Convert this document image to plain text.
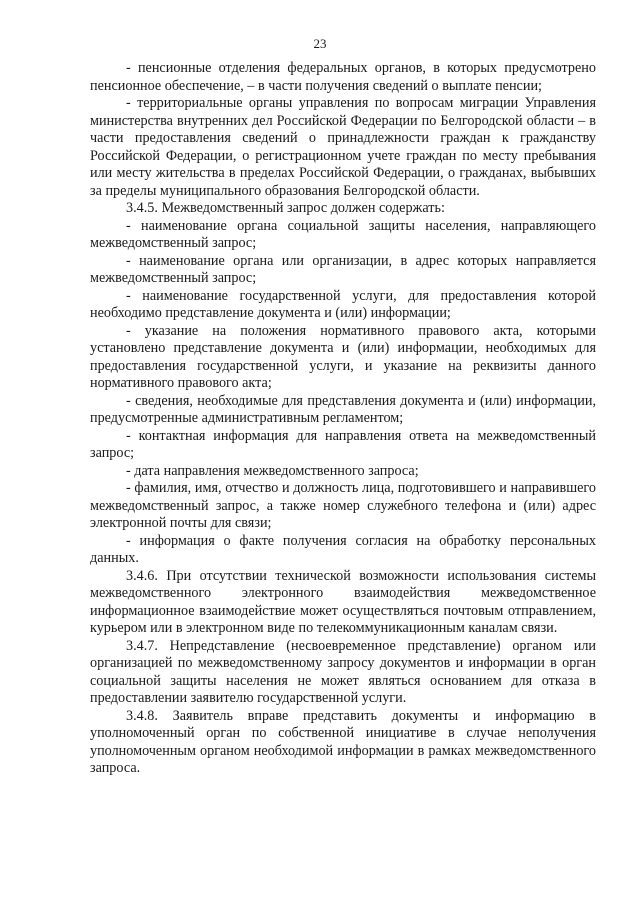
23

- пенсионные отделения федеральных органов, в которых предусмотрено пенсионное обеспечение, – в части получения сведений о выплате пенсии;

- территориальные органы управления по вопросам миграции Управления министерства внутренних дел Российской Федерации по Белгородской области – в части предоставления сведений о принадлежности граждан к гражданству Российской Федерации, о регистрационном учете граждан по месту пребывания или месту жительства в пределах Российской Федерации, о гражданах, выбывших за пределы муниципального образования Белгородской области.

3.4.5. Межведомственный запрос должен содержать:

- наименование органа социальной защиты населения, направляющего межведомственный запрос;

- наименование органа или организации, в адрес которых направляется межведомственный запрос;

- наименование государственной услуги, для предоставления которой необходимо представление документа и (или) информации;

- указание на положения нормативного правового акта, которыми установлено представление документа и (или) информации, необходимых для предоставления государственной услуги, и указание на реквизиты данного нормативного правового акта;

- сведения, необходимые для представления документа и (или) информации, предусмотренные административным регламентом;

- контактная информация для направления ответа на межведомственный запрос;

- дата направления межведомственного запроса;

- фамилия, имя, отчество и должность лица, подготовившего и направившего межведомственный запрос, а также номер служебного телефона и (или) адрес электронной почты для связи;

- информация о факте получения согласия на обработку персональных данных.

3.4.6. При отсутствии технической возможности использования системы межведомственного электронного взаимодействия межведомственное информационное взаимодействие может осуществляться почтовым отправлением, курьером или в электронном виде по телекоммуникационным каналам связи.

3.4.7. Непредставление (несвоевременное представление) органом или организацией по межведомственному запросу документов и информации в орган социальной защиты населения не может являться основанием для отказа в предоставлении заявителю государственной услуги.

3.4.8. Заявитель вправе представить документы и информацию в уполномоченный орган по собственной инициативе в случае неполучения уполномоченным органом необходимой информации в рамках межведомственного запроса.
